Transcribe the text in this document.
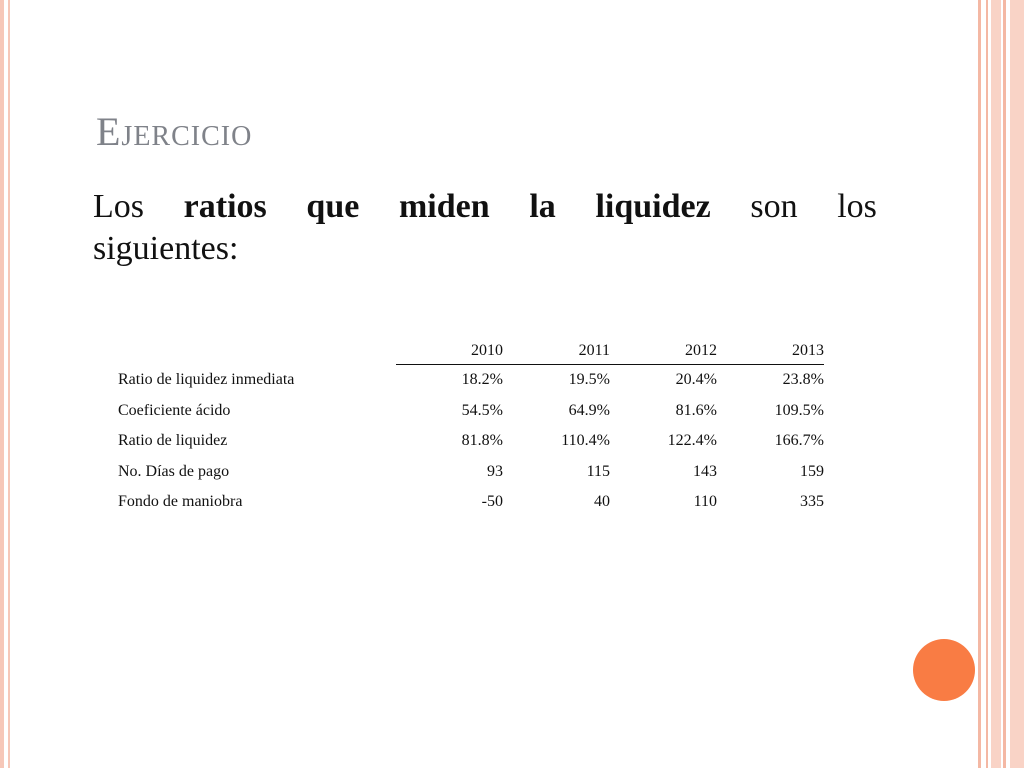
Ejercicio
Los ratios que miden la liquidez son los
siguientes:
	2010	2011	2012	2013
Ratio de liquidez inmediata	18.2%	19.5%	20.4%	23.8%
Coeficiente ácido	54.5%	64.9%	81.6%	109.5%
Ratio de liquidez	81.8%	110.4%	122.4%	166.7%
No. Días de pago	93	115	143	159
Fondo de maniobra	-50	40	110	335
